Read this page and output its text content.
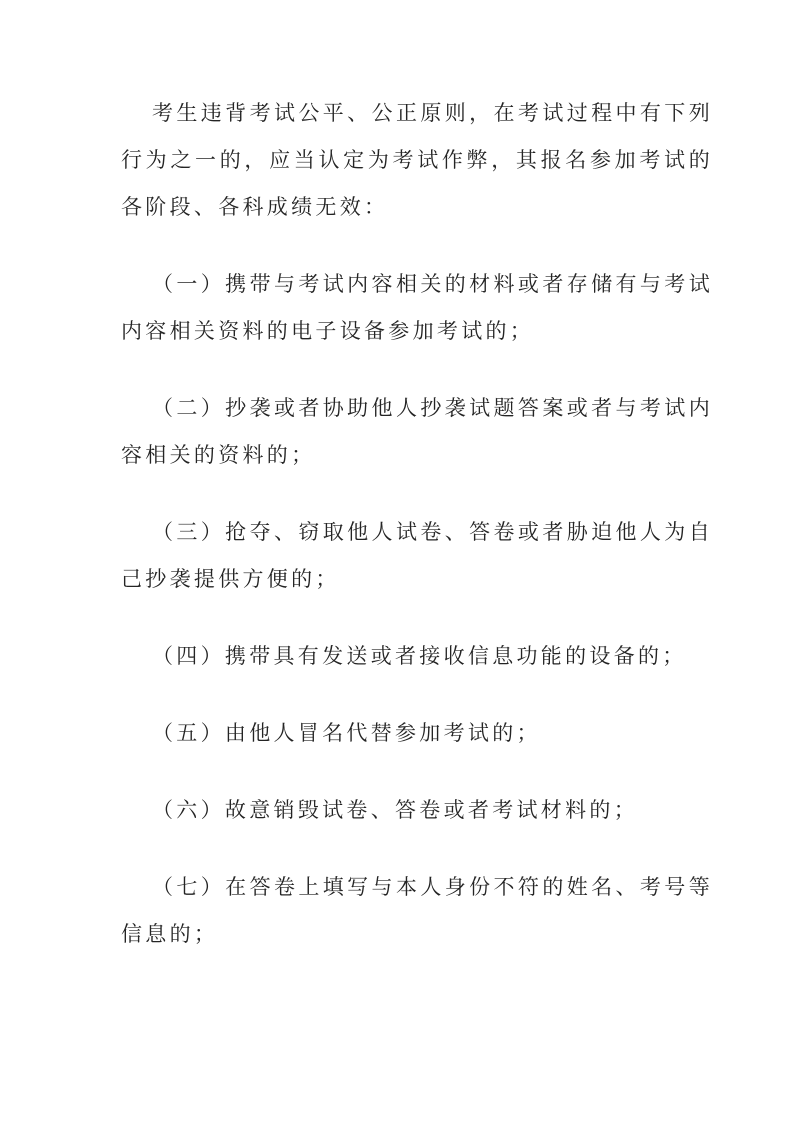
考生违背考试公平、公正原则，在考试过程中有下列行为之一的，应当认定为考试作弊，其报名参加考试的各阶段、各科成绩无效：

（一）携带与考试内容相关的材料或者存储有与考试内容相关资料的电子设备参加考试的；

（二）抄袭或者协助他人抄袭试题答案或者与考试内容相关的资料的；

（三）抢夺、窃取他人试卷、答卷或者胁迫他人为自己抄袭提供方便的；

（四）携带具有发送或者接收信息功能的设备的；

（五）由他人冒名代替参加考试的；

（六）故意销毁试卷、答卷或者考试材料的；

（七）在答卷上填写与本人身份不符的姓名、考号等信息的；
